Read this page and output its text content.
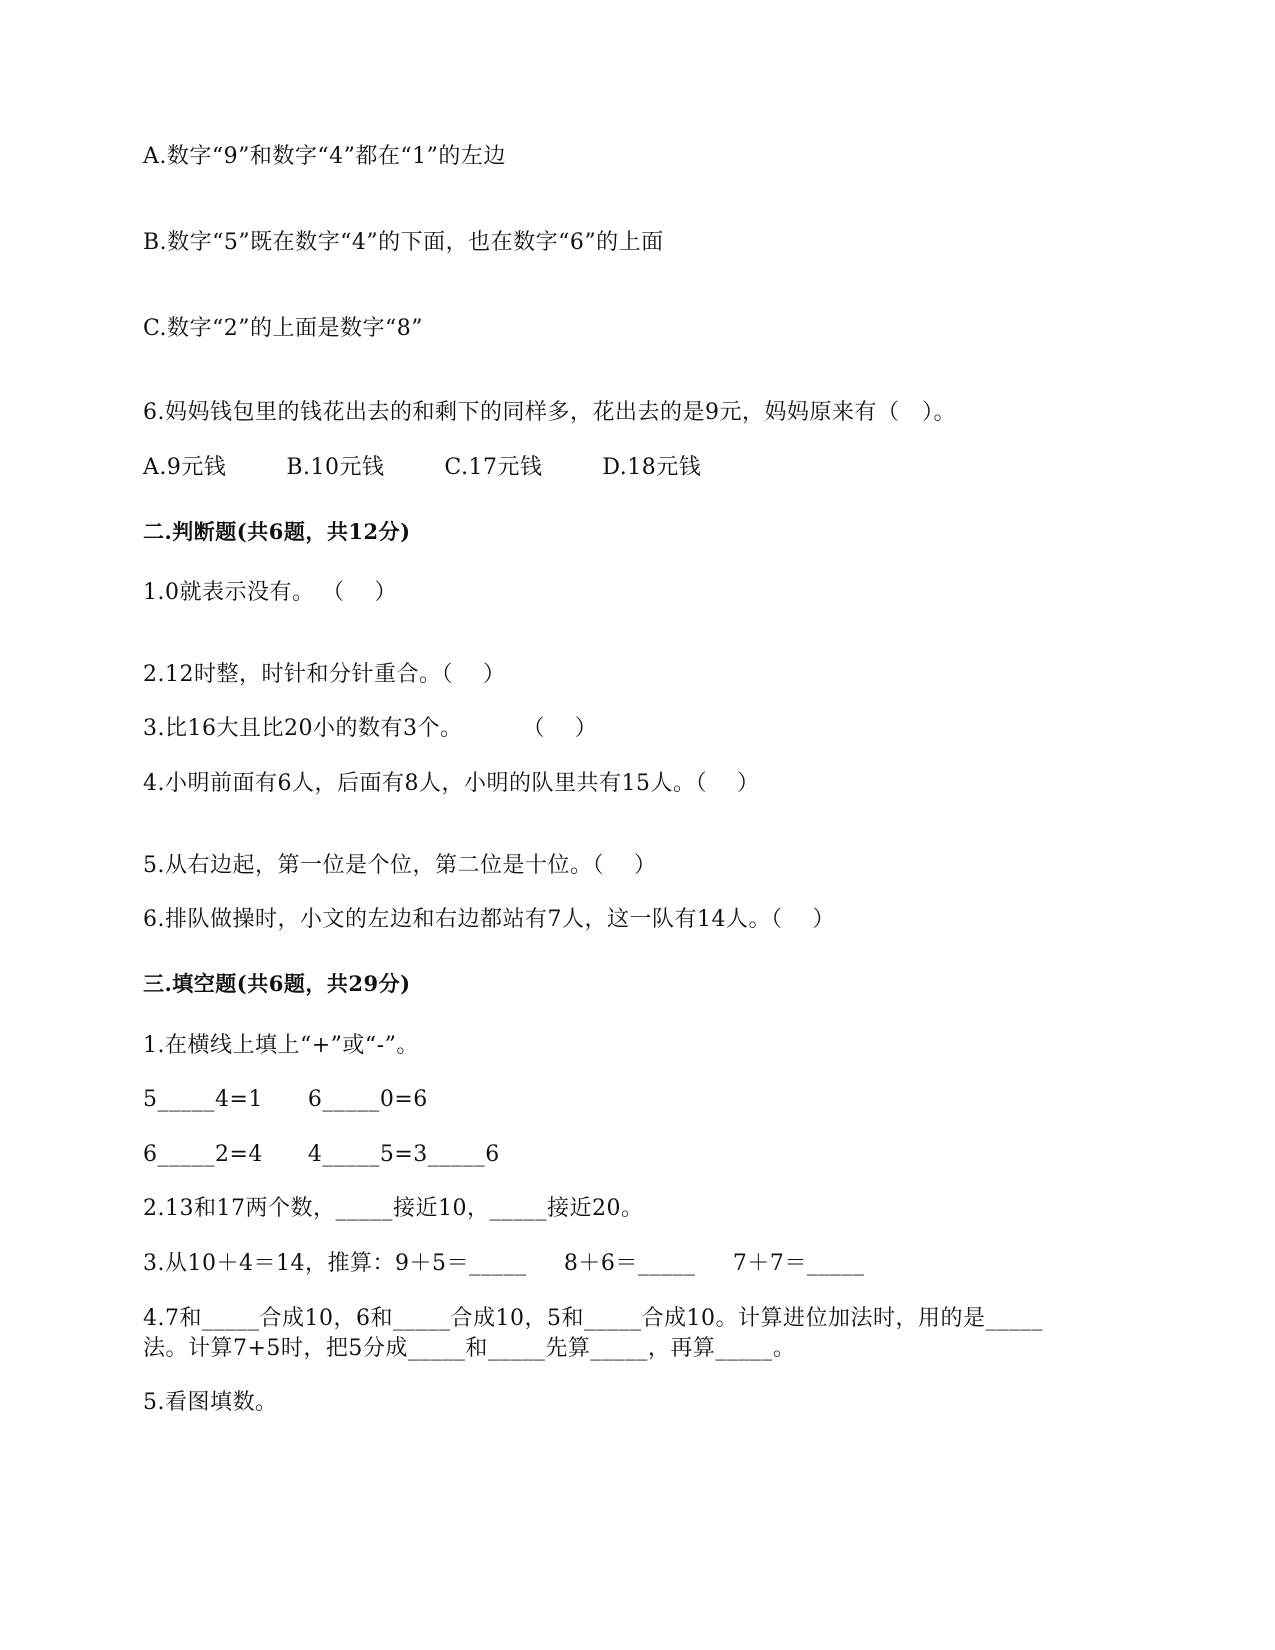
A.数字“9”和数字“4”都在“1”的左边
B.数字“5”既在数字“4”的下面，也在数字“6”的上面
C.数字“2”的上面是数字“8”
6.妈妈钱包里的钱花出去的和剩下的同样多，花出去的是9元，妈妈原来有（   ）。
A.9元钱        B.10元钱        C.17元钱        D.18元钱
二.判断题(共6题，共12分)
1.0就表示没有。 （    ）
2.12时整，时针和分针重合。（    ）
3.比16大且比20小的数有3个。        （    ）
4.小明前面有6人，后面有8人，小明的队里共有15人。（    ）
5.从右边起，第一位是个位，第二位是十位。（    ）
6.排队做操时，小文的左边和右边都站有7人，这一队有14人。（    ）
三.填空题(共6题，共29分)
1.在横线上填上“+”或“-”。
5_____4=1      6_____0=6
6_____2=4      4_____5=3_____6
2.13和17两个数，_____接近10，_____接近20。
3.从10＋4＝14，推算：9＋5＝_____     8＋6＝_____     7＋7＝_____
4.7和_____合成10，6和_____合成10，5和_____合成10。计算进位加法时，用的是_____
法。计算7+5时，把5分成_____和_____先算_____，再算_____。
5.看图填数。
